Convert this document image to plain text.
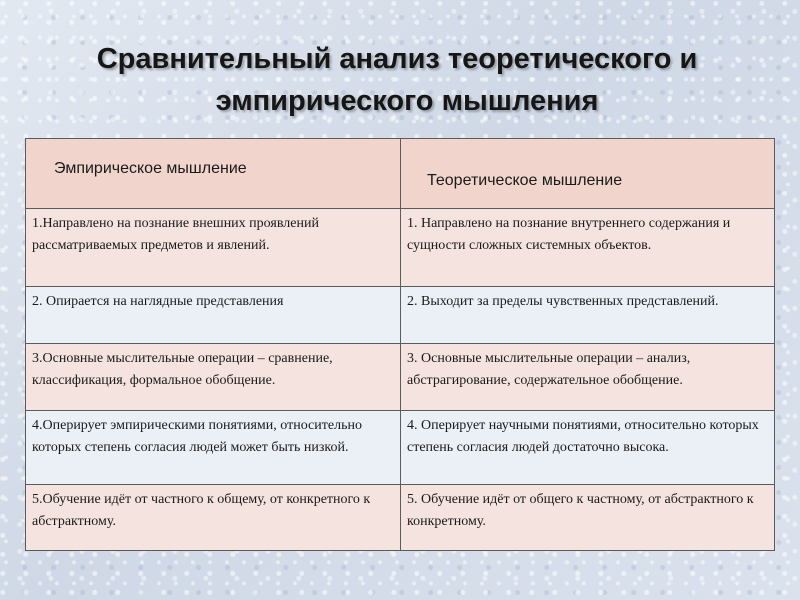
Сравнительный анализ теоретического и
эмпирического мышления
Эмпирическое мышление	Теоретическое мышление
1.Направлено на познание внешних проявлений рассматриваемых предметов и явлений.	1. Направлено на познание внутреннего содержания и сущности сложных системных объектов.
2. Опирается на наглядные представления	2. Выходит за пределы чувственных представлений.
3.Основные мыслительные операции – сравнение, классификация, формальное обобщение.	3. Основные мыслительные операции – анализ, абстрагирование, содержательное обобщение.
4.Оперирует эмпирическими понятиями, относительно которых степень согласия людей может быть низкой.	4. Оперирует научными понятиями, относительно которых степень согласия людей достаточно высока.
5.Обучение идёт от частного к общему, от конкретного к абстрактному.	5. Обучение идёт от общего к частному, от абстрактного к конкретному.
